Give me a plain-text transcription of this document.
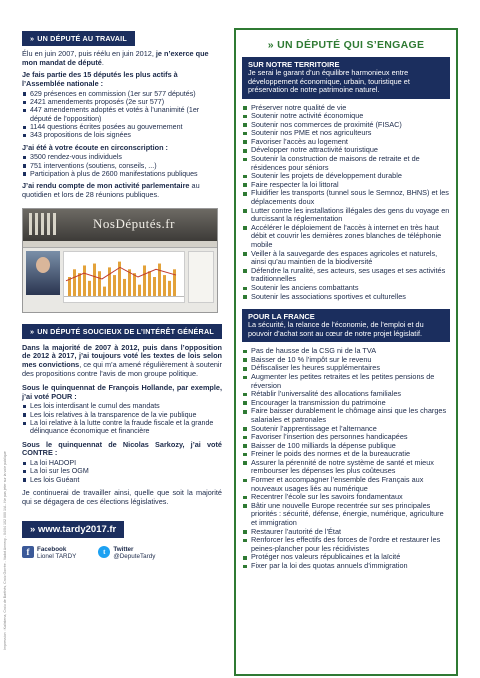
Impression : Kalistena, Croix de Barthès, Croix Gorrée - Vadot Annecy - 04/04 102 000 1/A - Ne pas jeter sur la voie publique
» UN DÉPUTÉ AU TRAVAIL

Élu en juin 2007, puis réélu en juin 2012, je n’exerce que mon mandat de député.

Je fais partie des 15 députés les plus actifs à l’Assemblée nationale :

629 présences en commission (1er sur 577 députés)
2421 amendements proposés (2e sur 577)
447 amendements adoptés et votés à l’unanimité (1er député de l’opposition)
1144 questions écrites posées au gouvernement
343 propositions de lois signées

J’ai été à votre écoute en circonscription :

3500 rendez-vous individuels
751 interventions (soutiens, conseils, ...)
Participation à plus de 2600 manifestations publiques

J’ai rendu compte de mon activité parlementaire au quotidien et lors de 28 réunions publiques.

NosDéputés.fr
» UN DÉPUTÉ SOUCIEUX DE L’INTÉRÊT GÉNÉRAL

Dans la majorité de 2007 à 2012, puis dans l’opposition de 2012 à 2017, j’ai toujours voté les textes de lois selon mes convictions, ce qui m’a amené régulièrement à soutenir des propositions contre l’avis de mon groupe politique.

Sous le quinquennat de François Hollande, par exemple, j’ai voté POUR :

Les lois interdisant le cumul des mandats
Les lois relatives à la transparence de la vie publique
La loi relative à la lutte contre la fraude fiscale et la grande délinquance économique et financière

Sous le quinquennat de Nicolas Sarkozy, j’ai voté CONTRE :

La loi HADOPI
La loi sur les OGM
Les lois Guéant

Je continuerai de travailler ainsi, quelle que soit la majorité qui se dégagera de ces élections législatives.

» www.tardy2017.fr
f	Facebook
Lionel TARDY
t	Twitter
@DeputeTardy
» UN DÉPUTÉ QUI S’ENGAGE
SUR NOTRE TERRITOIRE
Je serai le garant d’un équilibre harmonieux entre développement économique, urbain, touristique et préservation de notre patrimoine naturel.
Préserver notre qualité de vie
Soutenir notre activité économique
Soutenir nos commerces de proximité (FISAC)
Soutenir nos PME et nos agriculteurs
Favoriser l’accès au logement
Développer notre attractivité touristique
Soutenir la construction de maisons de retraite et de résidences pour séniors
Soutenir les projets de développement durable
Faire respecter la loi littoral
Fluidifier les transports (tunnel sous le Semnoz, BHNS) et les déplacements doux
Lutter contre les installations illégales des gens du voyage en durcissant la réglementation
Accélérer le déploiement de l’accès à internet en très haut débit et couvrir les dernières zones blanches de téléphonie mobile
Veiller à la sauvegarde des espaces agricoles et naturels, ainsi qu’au maintien de la biodiversité
Défendre la ruralité, ses acteurs, ses usages et ses activités traditionnelles
Soutenir les anciens combattants
Soutenir les associations sportives et culturelles
POUR LA FRANCE
La sécurité, la relance de l’économie, de l’emploi et du pouvoir d’achat sont au cœur de notre projet législatif.
Pas de hausse de la CSG ni de la TVA
Baisser de 10 % l’impôt sur le revenu
Défiscaliser les heures supplémentaires
Augmenter les petites retraites et les petites pensions de réversion
Rétablir l’universalité des allocations familiales
Encourager la transmission du patrimoine
Faire baisser durablement le chômage ainsi que les charges salariales et patronales
Soutenir l’apprentissage et l’alternance
Favoriser l’insertion des personnes handicapées
Baisser de 100 milliards la dépense publique
Freiner le poids des normes et de la bureaucratie
Assurer la pérennité de notre système de santé et mieux rembourser les dépenses les plus coûteuses
Former et accompagner l’ensemble des Français aux nouveaux usages liés au numérique
Recentrer l’école sur les savoirs fondamentaux
Bâtir une nouvelle Europe recentrée sur ses principales priorités : sécurité, défense, énergie, numérique, agriculture et immigration
Restaurer l’autorité de l’État
Renforcer les effectifs des forces de l’ordre et restaurer les peines-plancher pour les récidivistes
Protéger nos valeurs républicaines et la laïcité
Fixer par la loi des quotas annuels d’immigration
